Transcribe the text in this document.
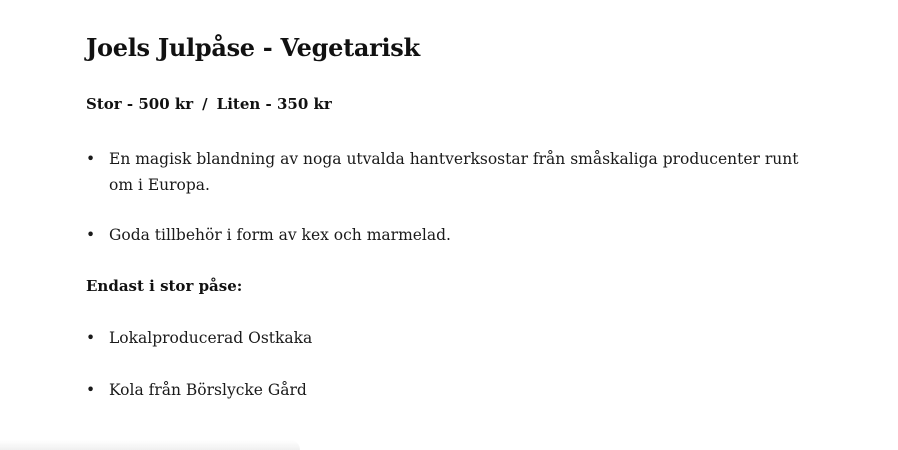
Joels Julpåse - Vegetarisk

Stor - 500 kr / Liten - 350 kr

• En magisk blandning av noga utvalda hantverksostar från småskaliga producenter runt om i Europa.
• Goda tillbehör i form av kex och marmelad.

Endast i stor påse:

• Lokalproducerad Ostkaka
• Kola från Börslycke Gård
